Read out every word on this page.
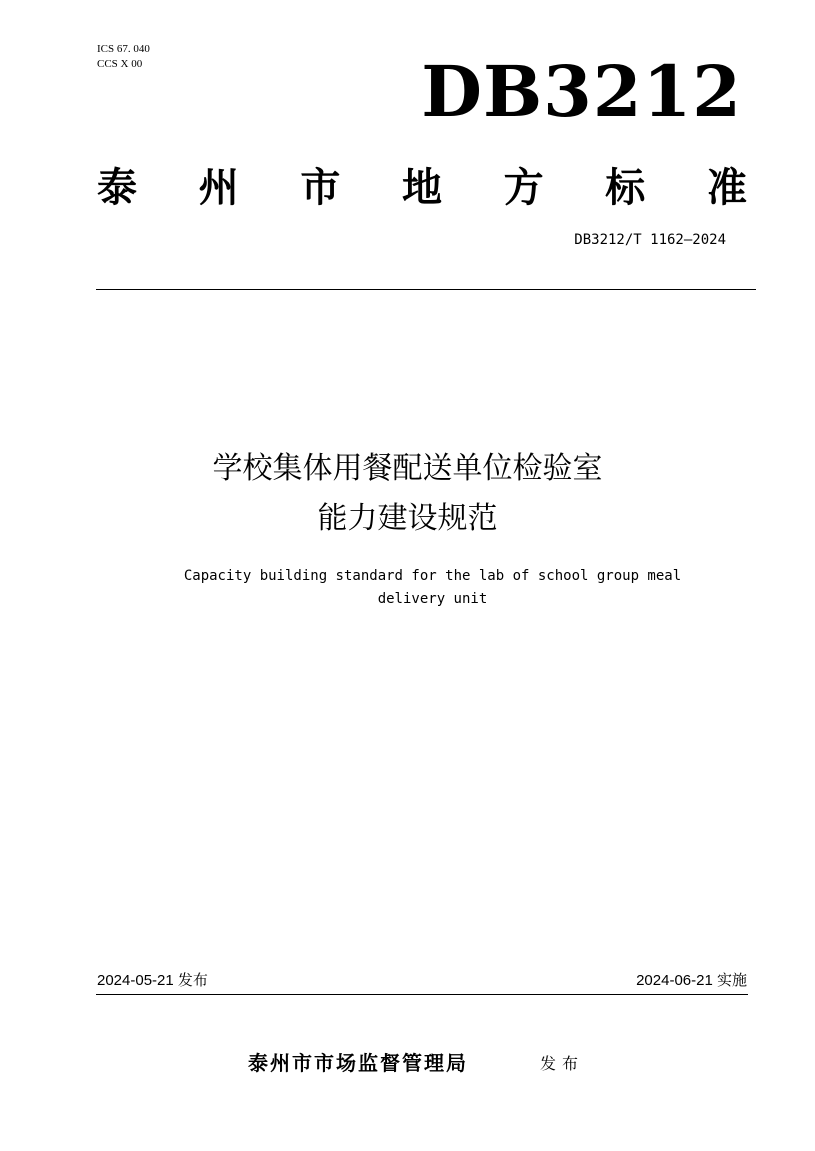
ICS 67. 040
CCS X 00	DB3212
泰 州 市 地 方 标 准
DB3212/T 1162—2024
学校集体用餐配送单位检验室
能力建设规范
Capacity building standard for the lab of school group meal
delivery unit
2024-05-21 发布	2024-06-21 实施
泰州市市场监督管理局	发布
